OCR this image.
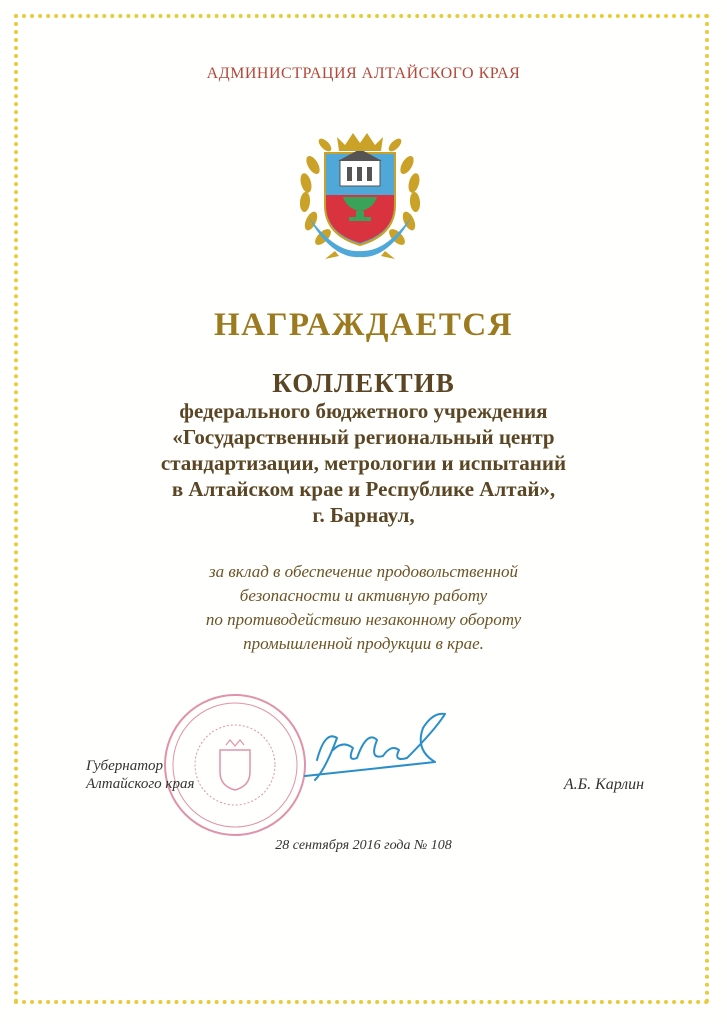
АДМИНИСТРАЦИЯ АЛТАЙСКОГО КРАЯ
НАГРАЖДАЕТСЯ
КОЛЛЕКТИВ
федерального бюджетного учреждения
«Государственный региональный центр
стандартизации, метрологии и испытаний
в Алтайском крае и Республике Алтай»,
г. Барнаул,
за вклад в обеспечение продовольственной
безопасности и активную работу
по противодействию незаконному обороту
промышленной продукции в крае.
Губернатор
Алтайского края	А.Б. Карлин
28 сентября 2016 года № 108
